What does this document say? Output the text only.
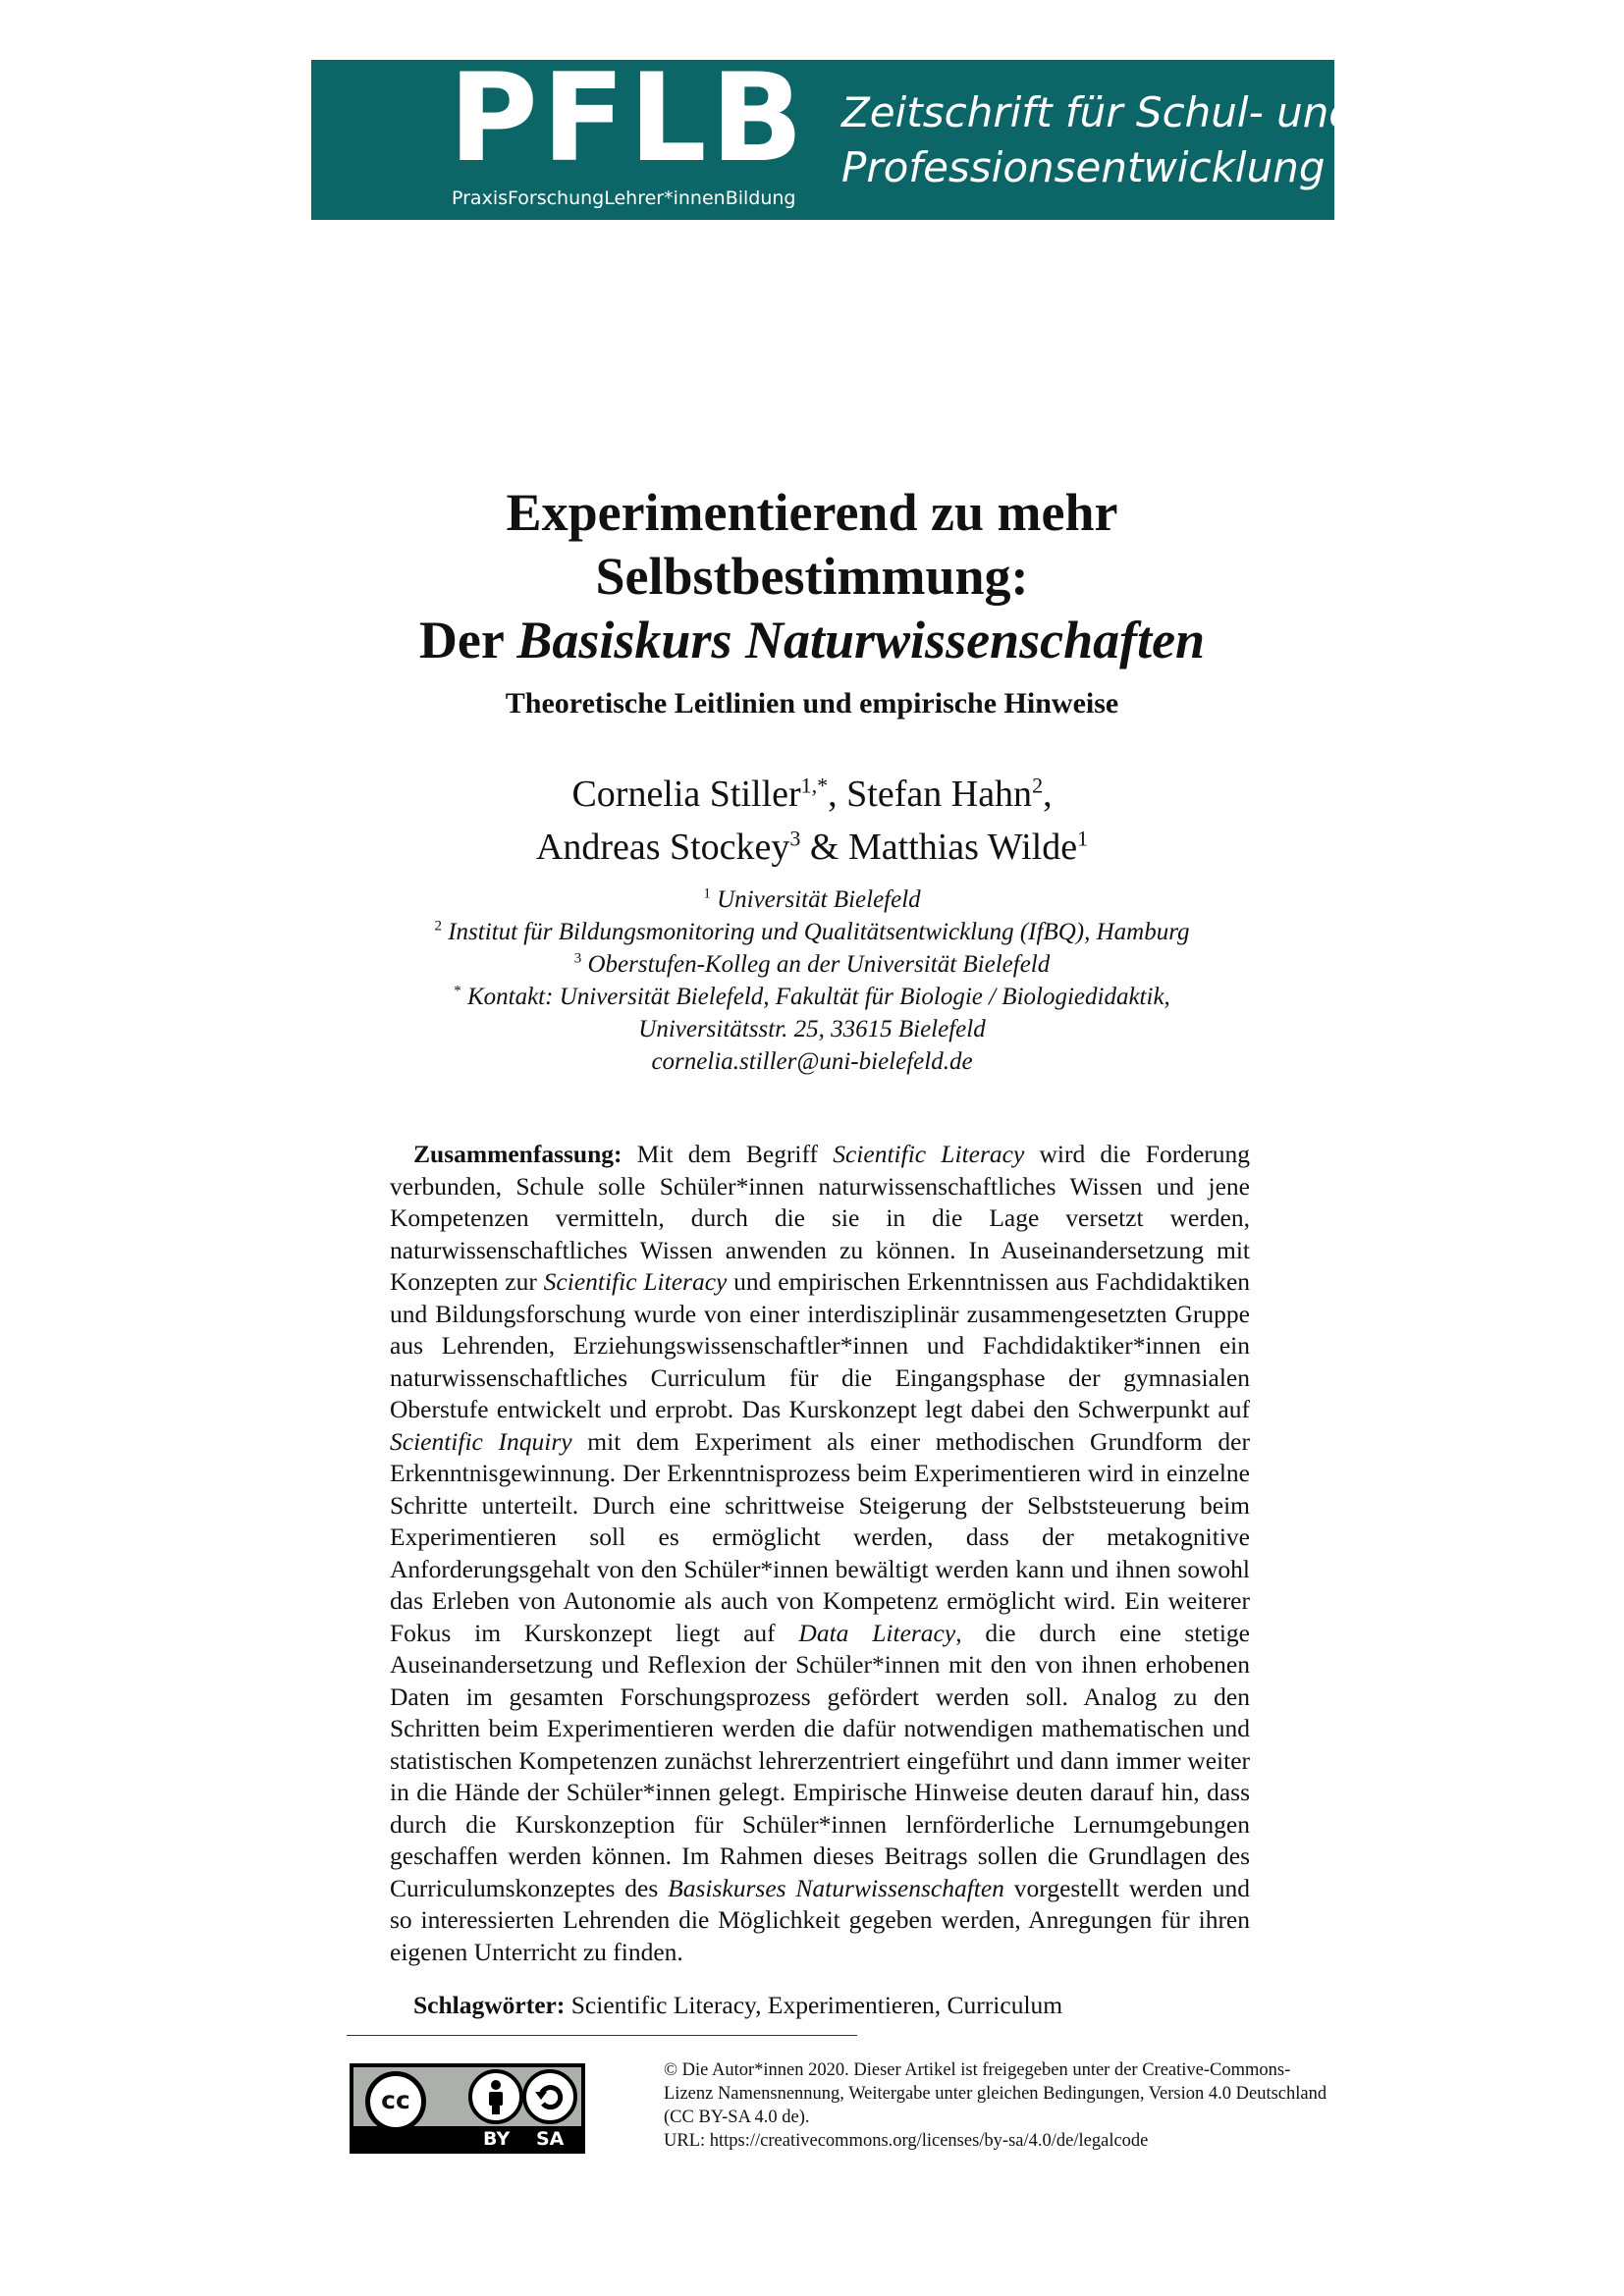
PFLB
PraxisForschungLehrer*innenBildung
Zeitschrift für Schul- und
Professionsentwicklung
Experimentierend zu mehr
Selbstbestimmung:
Der Basiskurs Naturwissenschaften
Theoretische Leitlinien und empirische Hinweise
Cornelia Stiller$^{1,*}$, Stefan Hahn$^2$,
Andreas Stockey$^3$ & Matthias Wilde$^1$
$^1$ Universität Bielefeld
$^2$ Institut für Bildungsmonitoring und Qualitätsentwicklung (IfBQ), Hamburg
$^3$ Oberstufen-Kolleg an der Universität Bielefeld
* Kontakt: Universität Bielefeld, Fakultät für Biologie / Biologiedidaktik,
Universitätsstr. 25, 33615 Bielefeld
cornelia.stiller@uni-bielefeld.de

Zusammenfassung: Mit dem Begriff Scientific Literacy wird die Forderung verbunden, Schule solle Schüler*innen naturwissenschaftliches Wissen und jene Kompetenzen vermitteln, durch die sie in die Lage versetzt werden, naturwissenschaftliches Wissen anwenden zu können. In Auseinandersetzung mit Konzepten zur Scientific Literacy und empirischen Erkenntnissen aus Fachdidaktiken und Bildungsforschung wurde von einer interdisziplinär zusammengesetzten Gruppe aus Lehrenden, Erziehungswissenschaftler*innen und Fachdidaktiker*innen ein naturwissenschaftliches Curriculum für die Eingangsphase der gymnasialen Oberstufe entwickelt und erprobt. Das Kurskonzept legt dabei den Schwerpunkt auf Scientific Inquiry mit dem Experiment als einer methodischen Grundform der Erkenntnisgewinnung. Der Erkenntnisprozess beim Experimentieren wird in einzelne Schritte unterteilt. Durch eine schrittweise Steigerung der Selbststeuerung beim Experimentieren soll es ermöglicht werden, dass der metakognitive Anforderungsgehalt von den Schüler*innen bewältigt werden kann und ihnen sowohl das Erleben von Autonomie als auch von Kompetenz ermöglicht wird. Ein weiterer Fokus im Kurskonzept liegt auf Data Literacy, die durch eine stetige Auseinandersetzung und Reflexion der Schüler*innen mit den von ihnen erhobenen Daten im gesamten Forschungsprozess gefördert werden soll. Analog zu den Schritten beim Experimentieren werden die dafür notwendigen mathematischen und statistischen Kompetenzen zunächst lehrerzentriert eingeführt und dann immer weiter in die Hände der Schüler*innen gelegt. Empirische Hinweise deuten darauf hin, dass durch die Kurskonzeption für Schüler*innen lernförderliche Lernumgebungen geschaffen werden können. Im Rahmen dieses Beitrags sollen die Grundlagen des Curriculumskonzeptes des Basiskurses Naturwissenschaften vorgestellt werden und so interessierten Lehrenden die Möglichkeit gegeben werden, Anregungen für ihren eigenen Unterricht zu finden.

Schlagwörter: Scientific Literacy, Experimentieren, Curriculum
cc
BY SA
© Die Autor*innen 2020. Dieser Artikel ist freigegeben unter der Creative-Commons-Lizenz Namensnennung, Weitergabe unter gleichen Bedingungen, Version 4.0 Deutschland (CC BY-SA 4.0 de).
URL: https://creativecommons.org/licenses/by-sa/4.0/de/legalcode
